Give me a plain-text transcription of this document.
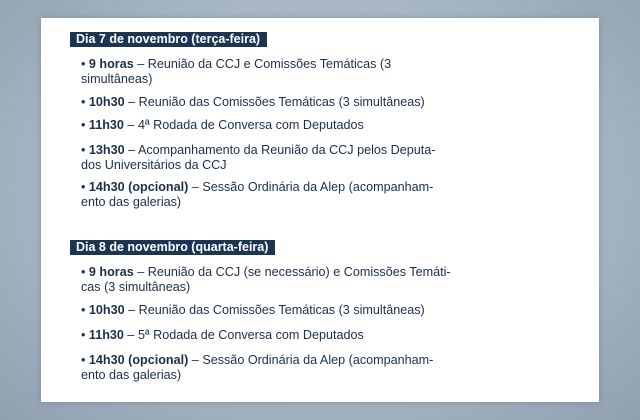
Dia 7 de novembro (terça-feira)
• 9 horas – Reunião da CCJ e Comissões Temáticas (3
simultâneas)
• 10h30 – Reunião das Comissões Temáticas (3 simultâneas)
• 11h30 – 4ª Rodada de Conversa com Deputados
• 13h30 – Acompanhamento da Reunião da CCJ pelos Deputa-
dos Universitários da CCJ
• 14h30 (opcional) – Sessão Ordinária da Alep (acompanham-
ento das galerias)
Dia 8 de novembro (quarta-feira)
• 9 horas – Reunião da CCJ (se necessário) e Comissões Temáti-
cas (3 simultâneas)
• 10h30 – Reunião das Comissões Temáticas (3 simultâneas)
• 11h30 – 5ª Rodada de Conversa com Deputados
• 14h30 (opcional) – Sessão Ordinária da Alep (acompanham-
ento das galerias)
